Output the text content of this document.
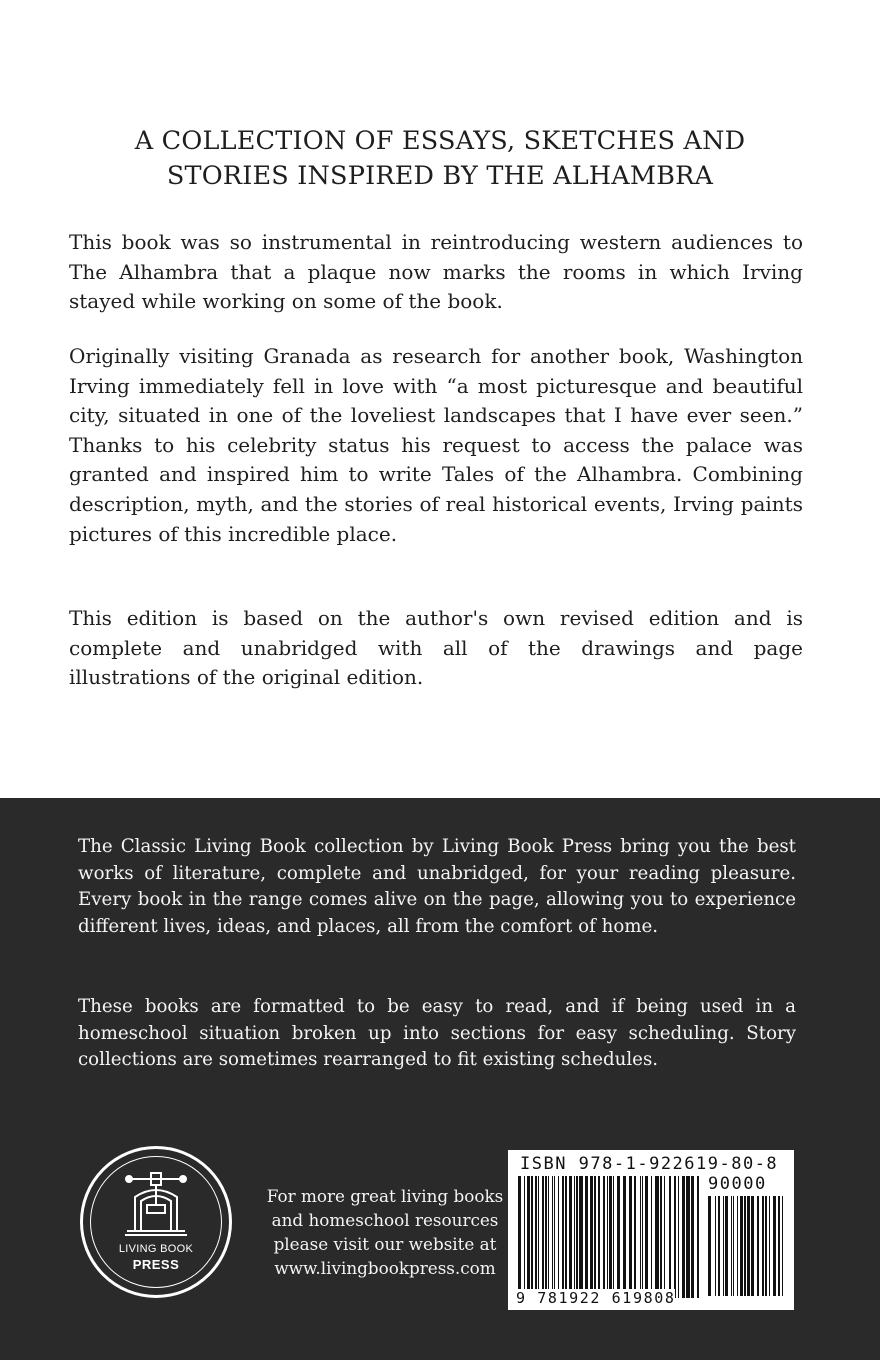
A COLLECTION OF ESSAYS, SKETCHES AND
STORIES INSPIRED BY THE ALHAMBRA

This book was so instrumental in reintroducing western audiences to The Alhambra that a plaque now marks the rooms in which Irving stayed while working on some of the book.

Originally visiting Granada as research for another book, Washington Irving immediately fell in love with “a most picturesque and beautiful city, situated in one of the loveliest landscapes that I have ever seen.” Thanks to his celebrity status his request to access the palace was granted and inspired him to write Tales of the Alhambra. Combining description, myth, and the stories of real historical events, Irving paints pictures of this incredible place.

This edition is based on the author's own revised edition and is complete and unabridged with all of the drawings and page illustrations of the original edition.

The Classic Living Book collection by Living Book Press bring you the best works of literature, complete and unabridged, for your reading pleasure. Every book in the range comes alive on the page, allowing you to experience different lives, ideas, and places, all from the comfort of home.

These books are formatted to be easy to read, and if being used in a homeschool situation broken up into sections for easy scheduling. Story collections are sometimes rearranged to fit existing schedules.

LIVING BOOK
PRESS
For more great living books
and homeschool resources
please visit our website at
www.livingbookpress.com
ISBN 978-1-922619-80-8
90000
9 781922 619808
